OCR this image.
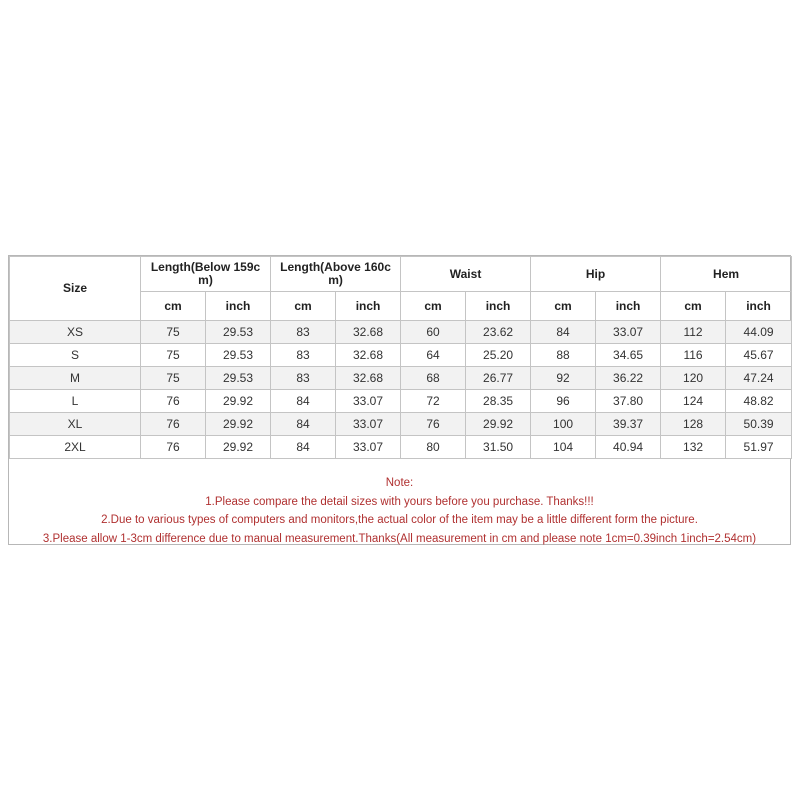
Size	Length(Below 159c m)		Length(Above 160c m)		Waist		Hip		Hem	
	cm	inch	cm	inch	cm	inch	cm	inch	cm	inch
XS	75	29.53	83	32.68	60	23.62	84	33.07	112	44.09
S	75	29.53	83	32.68	64	25.20	88	34.65	116	45.67
M	75	29.53	83	32.68	68	26.77	92	36.22	120	47.24
L	76	29.92	84	33.07	72	28.35	96	37.80	124	48.82
XL	76	29.92	84	33.07	76	29.92	100	39.37	128	50.39
2XL	76	29.92	84	33.07	80	31.50	104	40.94	132	51.97
Note:
1.Please compare the detail sizes with yours before you purchase. Thanks!!!
2.Due to various types of computers and monitors,the actual color of the item may be a little different form the picture.
3.Please allow 1-3cm difference due to manual measurement.Thanks(All measurement in cm and please note 1cm=0.39inch 1inch=2.54cm)
